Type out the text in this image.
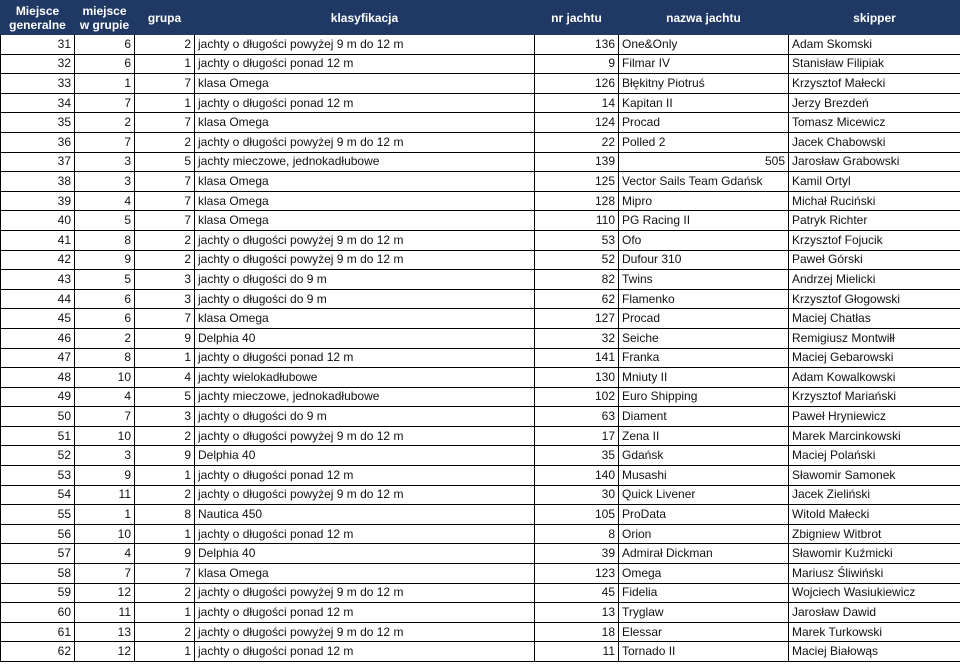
Miejsce generalne	miejsce w grupie	grupa	klasyfikacja	nr jachtu	nazwa jachtu	skipper
31	6	2	jachty o długości powyżej 9 m do 12 m	136	One&Only	Adam Skomski
32	6	1	jachty o długości ponad 12 m	9	Filmar IV	Stanisław Filipiak
33	1	7	klasa Omega	126	Błękitny Piotruś	Krzysztof Małecki
34	7	1	jachty o długości ponad 12 m	14	Kapitan II	Jerzy Brezdeń
35	2	7	klasa Omega	124	Procad	Tomasz Micewicz
36	7	2	jachty o długości powyżej 9 m do 12 m	22	Polled 2	Jacek Chabowski
37	3	5	jachty mieczowe, jednokadłubowe	139	505	Jarosław Grabowski
38	3	7	klasa Omega	125	Vector Sails Team Gdańsk	Kamil Ortyl
39	4	7	klasa Omega	128	Mipro	Michał Ruciński
40	5	7	klasa Omega	110	PG Racing II	Patryk Richter
41	8	2	jachty o długości powyżej 9 m do 12 m	53	Ofo	Krzysztof Fojucik
42	9	2	jachty o długości powyżej 9 m do 12 m	52	Dufour 310	Paweł Górski
43	5	3	jachty o długości do 9 m	82	Twins	Andrzej Mielicki
44	6	3	jachty o długości do 9 m	62	Flamenko	Krzysztof Głogowski
45	6	7	klasa Omega	127	Procad	Maciej Chatłas
46	2	9	Delphia 40	32	Seiche	Remigiusz Montwiłł
47	8	1	jachty o długości ponad 12 m	141	Franka	Maciej Gebarowski
48	10	4	jachty wielokadłubowe	130	Mniuty II	Adam Kowalkowski
49	4	5	jachty mieczowe, jednokadłubowe	102	Euro Shipping	Krzysztof Mariański
50	7	3	jachty o długości do 9 m	63	Diament	Paweł Hryniewicz
51	10	2	jachty o długości powyżej 9 m do 12 m	17	Zena II	Marek Marcinkowski
52	3	9	Delphia 40	35	Gdańsk	Maciej Polański
53	9	1	jachty o długości ponad 12 m	140	Musashi	Sławomir Samonek
54	11	2	jachty o długości powyżej 9 m do 12 m	30	Quick Livener	Jacek Zieliński
55	1	8	Nautica 450	105	ProData	Witold Małecki
56	10	1	jachty o długości ponad 12 m	8	Orion	Zbigniew Witbrot
57	4	9	Delphia 40	39	Admirał Dickman	Sławomir Kuźmicki
58	7	7	klasa Omega	123	Omega	Mariusz Śliwiński
59	12	2	jachty o długości powyżej 9 m do 12 m	45	Fidelia	Wojciech Wasiukiewicz
60	11	1	jachty o długości ponad 12 m	13	Tryglaw	Jarosław Dawid
61	13	2	jachty o długości powyżej 9 m do 12 m	18	Elessar	Marek Turkowski
62	12	1	jachty o długości ponad 12 m	11	Tornado II	Maciej Białowąs
